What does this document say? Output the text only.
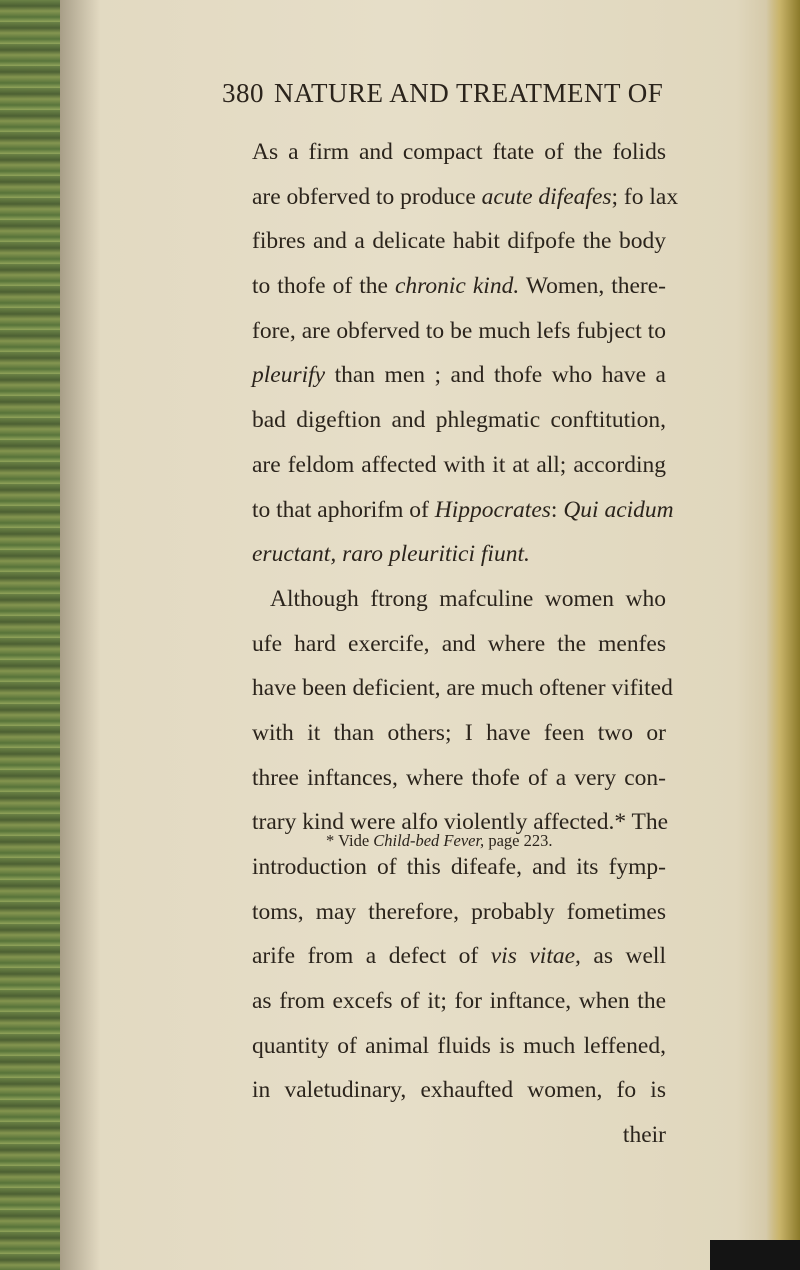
380 NATURE AND TREATMENT OF
As a firm and compact ftate of the folids
are obferved to produce acute difeafes; fo lax
fibres and a delicate habit difpofe the body
to thofe of the chronic kind. Women, there-
fore, are obferved to be much lefs fubject to
pleurify than men ; and thofe who have a
bad digeftion and phlegmatic conftitution,
are feldom affected with it at all; according
to that aphorifm of Hippocrates: Qui acidum
eructant, raro pleuritici fiunt.
Although ftrong mafculine women who
ufe hard exercife, and where the menfes
have been deficient, are much oftener vifited
with it than others; I have feen two or
three inftances, where thofe of a very con-
trary kind were alfo violently affected.* The
introduction of this difeafe, and its fymp-
toms, may therefore, probably fometimes
arife from a defect of vis vitae, as well
as from excefs of it; for inftance, when the
quantity of animal fluids is much leffened,
in valetudinary, exhaufted women, fo is
their
* Vide Child-bed Fever, page 223.
